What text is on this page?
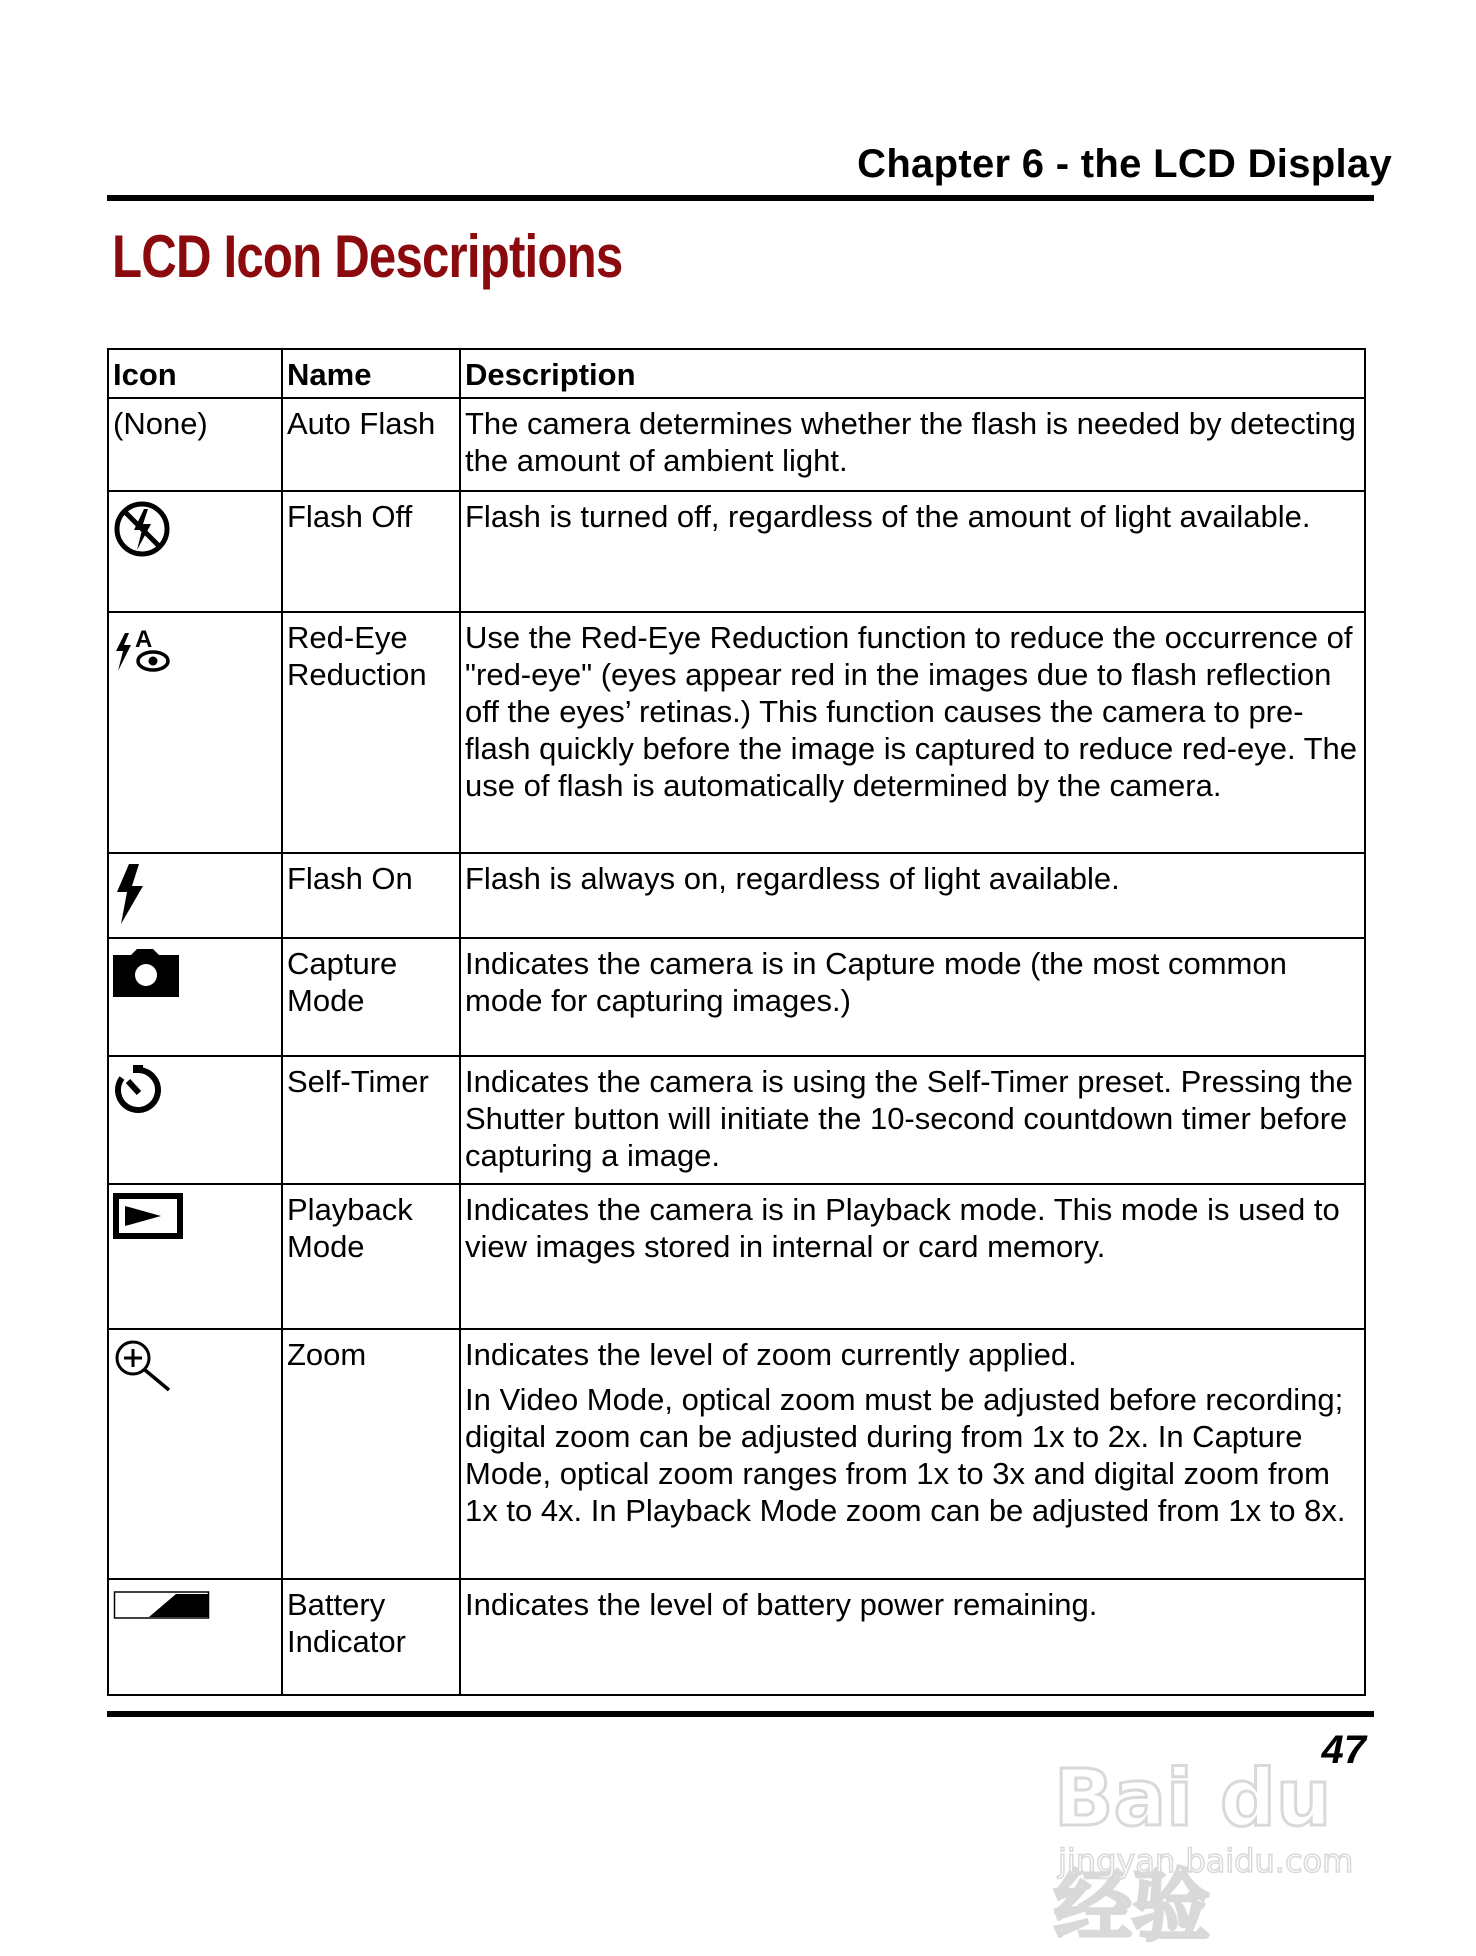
Chapter 6 - the LCD Display
LCD Icon Descriptions
Icon	Name	Description
(None)	Auto Flash	The camera determines whether the flash is needed by detecting the amount of ambient light.

	Flash Off	Flash is turned off, regardless of the amount of light available.

A	Red-Eye Reduction	Use the Red-Eye Reduction function to reduce the occurrence of "red-eye" (eyes appear red in the images due to flash reflection off the eyes’ retinas.) This function causes the camera to pre-flash quickly before the image is captured to reduce red-eye. The use of flash is automatically determined by the camera.

	Flash On	Flash is always on, regardless of light available.

	Capture Mode	Indicates the camera is in Capture mode (the most common mode for capturing images.)

	Self-Timer	Indicates the camera is using the Self-Timer preset. Pressing the Shutter button will initiate the 10-second countdown timer before capturing a image.

	Playback Mode	Indicates the camera is in Playback mode. This mode is used to view images stored in internal or card memory.

	Zoom	Indicates the level of zoom currently applied.

In Video Mode, optical zoom must be adjusted before recording; digital zoom can be adjusted during from 1x to 2x. In Capture Mode, optical zoom ranges from 1x to 3x and digital zoom from 1x to 4x. In Playback Mode zoom can be adjusted from 1x to 8x.

	Battery Indicator	Indicates the level of battery power remaining.

47
Bai du 经验
jingyan.baidu.com
